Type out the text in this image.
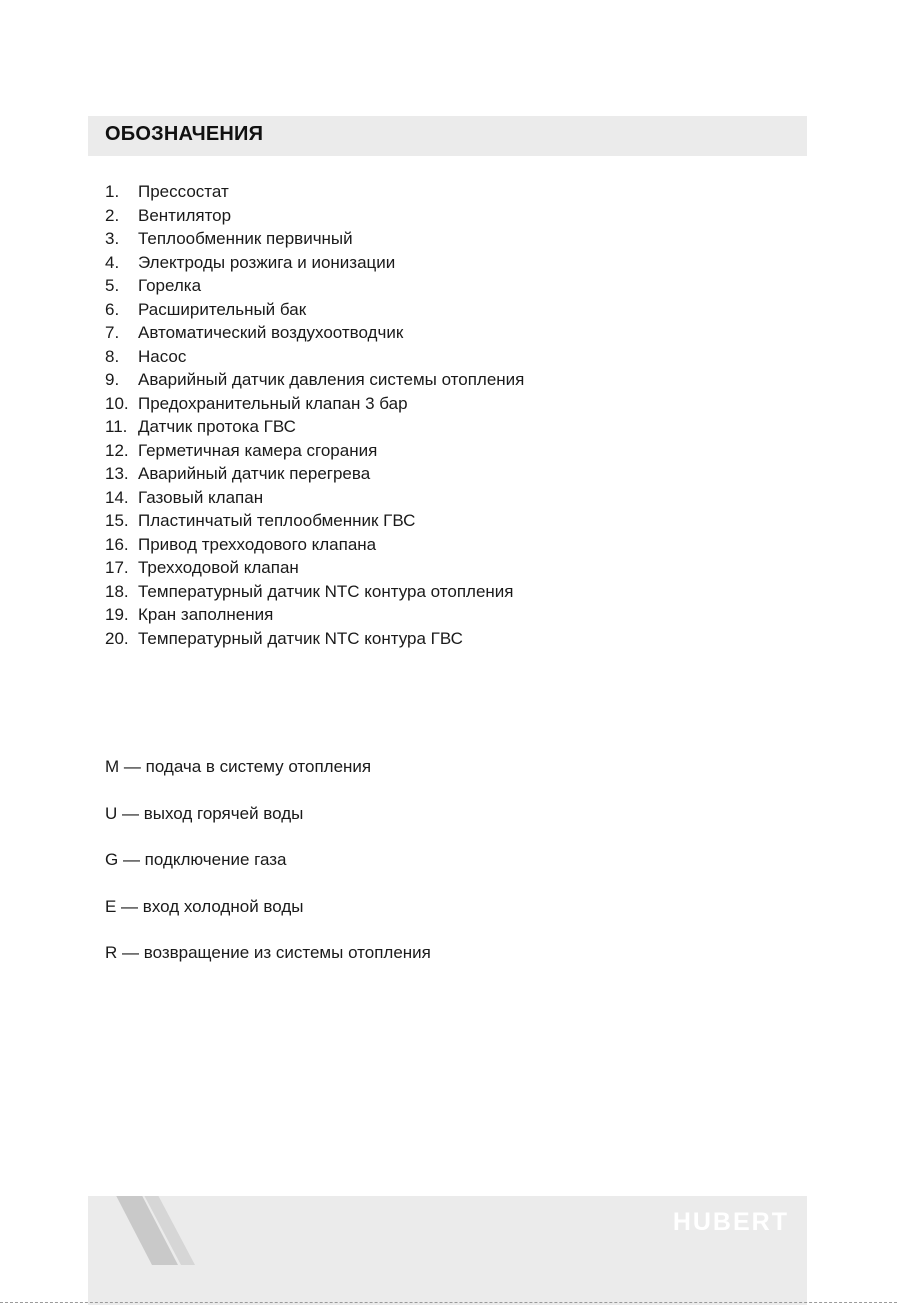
ОБОЗНАЧЕНИЯ
1.	Прессостат
2.	Вентилятор
3.	Теплообменник первичный
4.	Электроды розжига и ионизации
5.	Горелка
6.	Расширительный бак
7.	Автоматический воздухоотводчик
8.	Насос
9.	Аварийный датчик давления системы отопления
10. Предохранительный клапан 3 бар
11. Датчик протока ГВС
12. Герметичная камера сгорания
13. Аварийный датчик перегрева
14. Газовый клапан
15. Пластинчатый теплообменник ГВС
16. Привод трехходового клапана
17. Трехходовой клапан
18. Температурный датчик NTC контура отопления
19. Кран заполнения
20. Температурный датчик NTC контура ГВС
M — подача в систему отопления
U — выход горячей воды
G — подключение газа
E — вход холодной воды
R — возвращение из системы отопления
HUBERT
